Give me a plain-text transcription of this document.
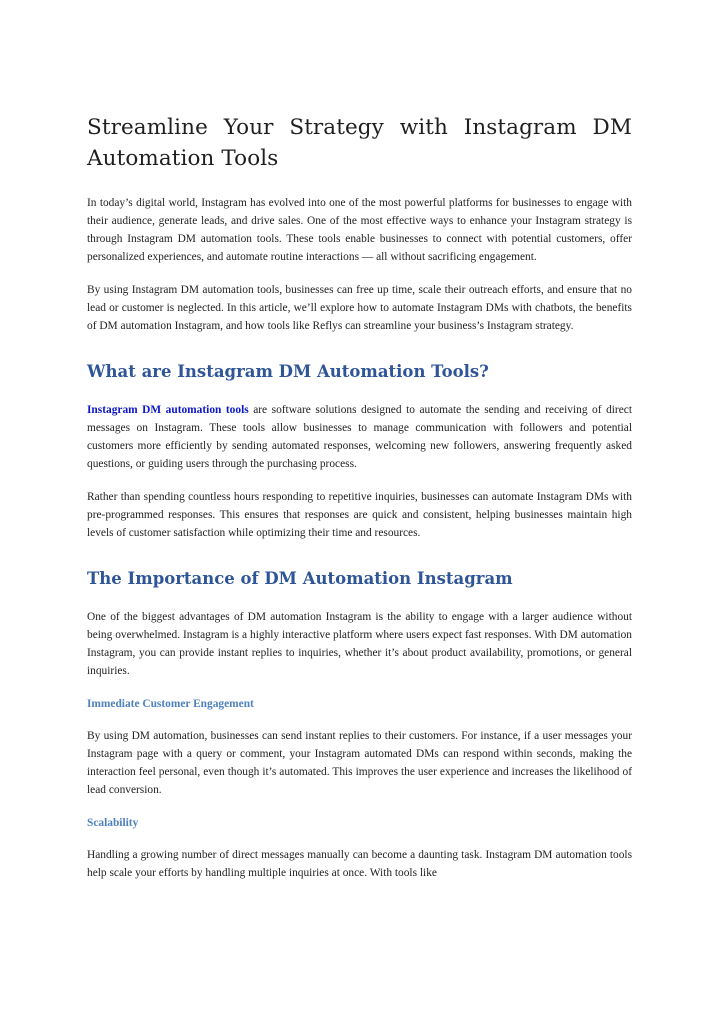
Streamline Your Strategy with Instagram DM
Automation Tools

In today’s digital world, Instagram has evolved into one of the most powerful platforms for businesses to engage with their audience, generate leads, and drive sales. One of the most effective ways to enhance your Instagram strategy is through Instagram DM automation tools. These tools enable businesses to connect with potential customers, offer personalized experiences, and automate routine interactions — all without sacrificing engagement.

By using Instagram DM automation tools, businesses can free up time, scale their outreach efforts, and ensure that no lead or customer is neglected. In this article, we’ll explore how to automate Instagram DMs with chatbots, the benefits of DM automation Instagram, and how tools like Reflys can streamline your business’s Instagram strategy.

What are Instagram DM Automation Tools?

Instagram DM automation tools are software solutions designed to automate the sending and receiving of direct messages on Instagram. These tools allow businesses to manage communication with followers and potential customers more efficiently by sending automated responses, welcoming new followers, answering frequently asked questions, or guiding users through the purchasing process.

Rather than spending countless hours responding to repetitive inquiries, businesses can automate Instagram DMs with pre-programmed responses. This ensures that responses are quick and consistent, helping businesses maintain high levels of customer satisfaction while optimizing their time and resources.

The Importance of DM Automation Instagram

One of the biggest advantages of DM automation Instagram is the ability to engage with a larger audience without being overwhelmed. Instagram is a highly interactive platform where users expect fast responses. With DM automation Instagram, you can provide instant replies to inquiries, whether it’s about product availability, promotions, or general inquiries.

Immediate Customer Engagement

By using DM automation, businesses can send instant replies to their customers. For instance, if a user messages your Instagram page with a query or comment, your Instagram automated DMs can respond within seconds, making the interaction feel personal, even though it’s automated. This improves the user experience and increases the likelihood of lead conversion.

Scalability

Handling a growing number of direct messages manually can become a daunting task. Instagram DM automation tools help scale your efforts by handling multiple inquiries at once. With tools like
